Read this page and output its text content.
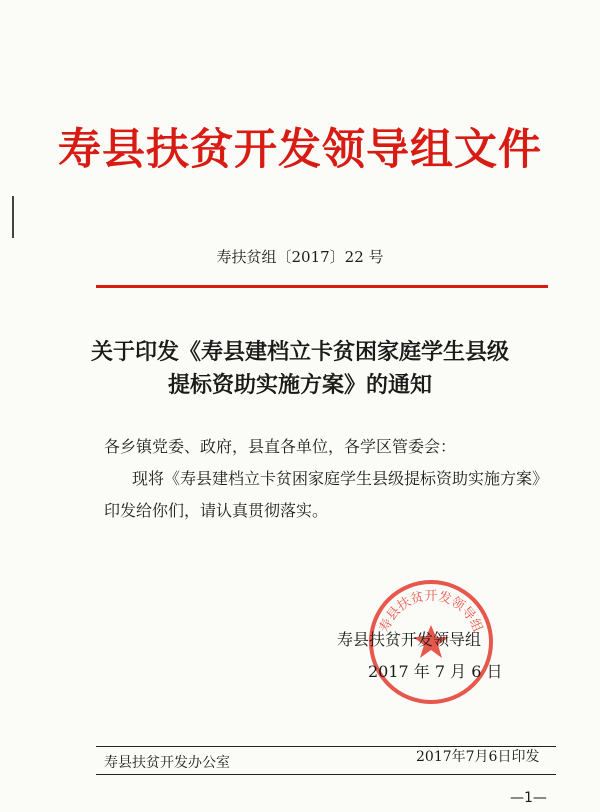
寿县扶贫开发领导组文件
寿扶贫组〔2017〕22 号
关于印发《寿县建档立卡贫困家庭学生县级
提标资助实施方案》的通知
各乡镇党委、政府，县直各单位，各学区管委会：
现将《寿县建档立卡贫困家庭学生县级提标资助实施方案》
印发给你们，请认真贯彻落实。
寿县扶贫开发领导组
寿县扶贫开发领导组
2017 年 7 月 6 日
寿县扶贫开发办公室	2017年7月6日印发
—1—
